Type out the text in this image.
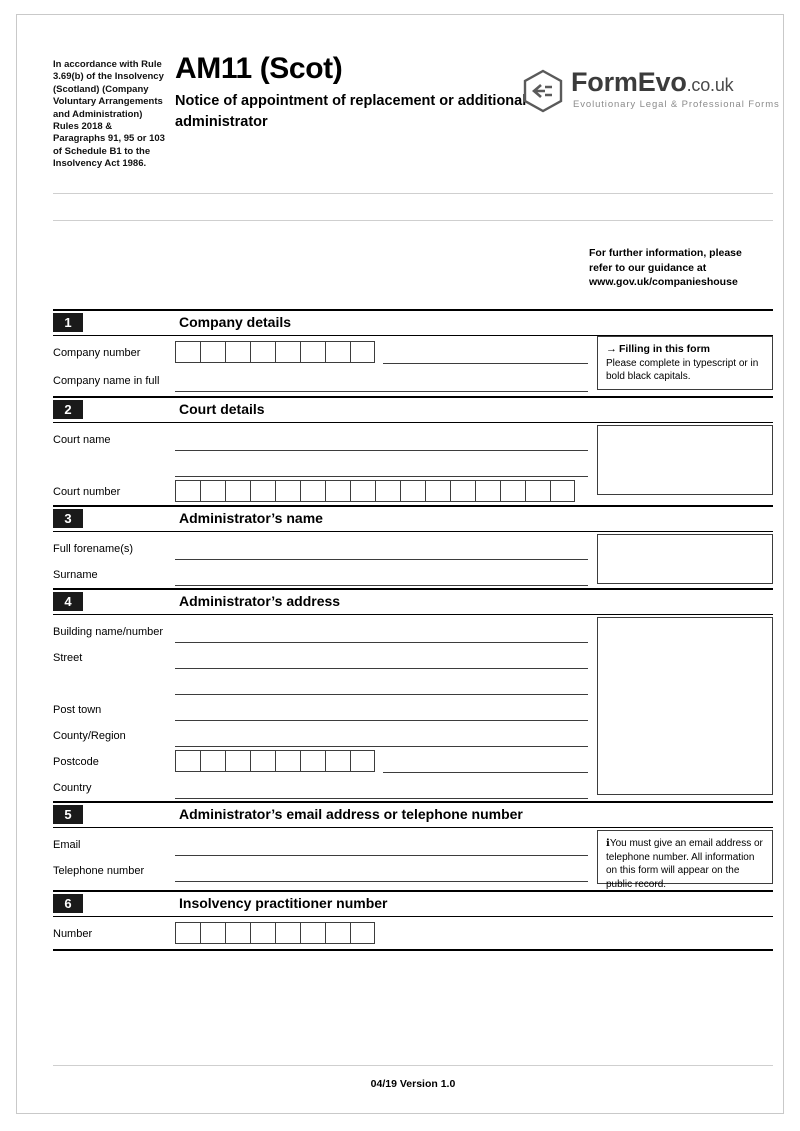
In accordance with Rule 3.69(b) of the Insolvency (Scotland) (Company Voluntary Arrangements and Administration) Rules 2018 & Paragraphs 91, 95 or 103 of Schedule B1 to the Insolvency Act 1986.
AM11 (Scot)
Notice of appointment of replacement or additional administrator
FormEvo.co.uk
Evolutionary Legal & Professional Forms
For further information, please refer to our guidance at www.gov.uk/companieshouse
1	Company details
Company number
Company name in full
→ Filling in this form
Please complete in typescript or in bold black capitals.
2	Court details
Court name
Court number
3	Administrator’s name
Full forename(s)
Surname
4	Administrator’s address
Building name/number
Street
Post town
County/Region
Postcode
Country
5	Administrator’s email address or telephone number
Email
Telephone number
ℹYou must give an email address or telephone number. All information on this form will appear on the public record.
6	Insolvency practitioner number
Number
04/19 Version 1.0
